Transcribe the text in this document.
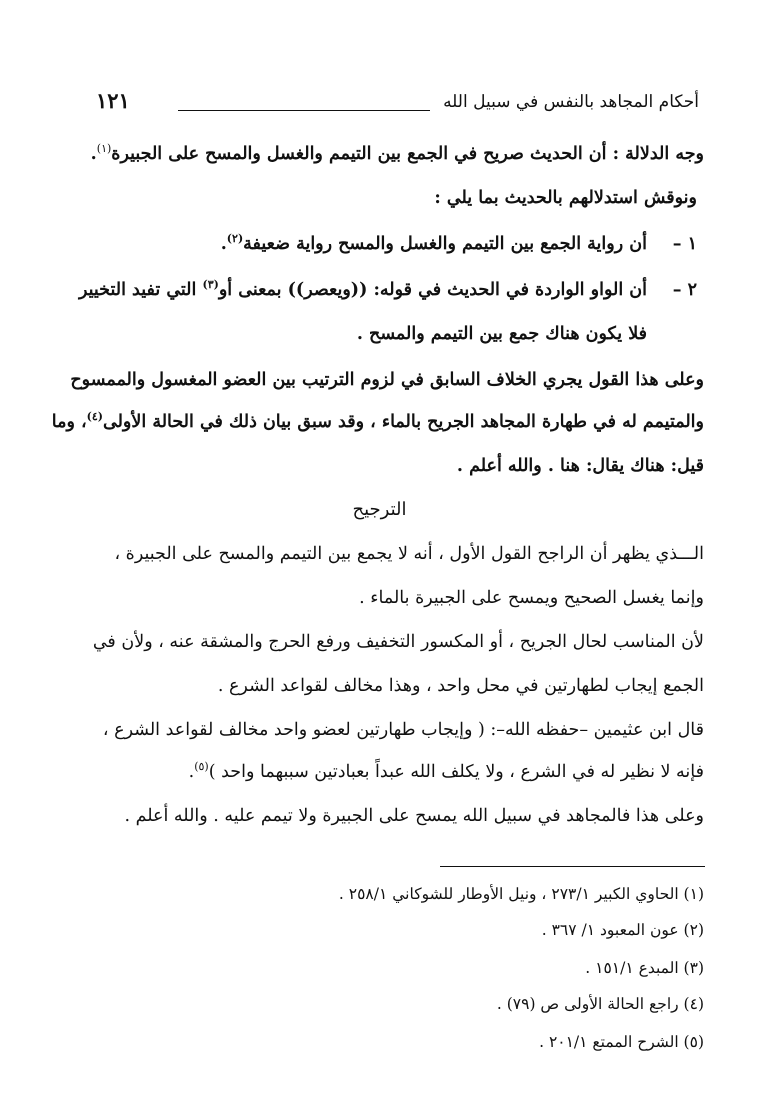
أحكام المجاهد بالنفس في سبيل الله
١٢١
وجه الدلالة : أن الحديث صريح في الجمع بين التيمم والغسل والمسح على الجبيرة$^{(١)}$.
ونوقش استدلالهم بالحديث بما يلي :
١ –
أن رواية الجمع بين التيمم والغسل والمسح رواية ضعيفة$^{(٢)}$.
٢ –
أن الواو الواردة في الحديث في قوله: ((ويعصر)) بمعنى أو$^{(٣)}$ التي تفيد التخيير
فلا يكون هناك جمع بين التيمم والمسح .
وعلى هذا القول يجري الخلاف السابق في لزوم الترتيب بين العضو المغسول والممسوح
والمتيمم له في طهارة المجاهد الجريح بالماء ، وقد سبق بيان ذلك في الحالة الأولى$^{(٤)}$، وما
قيل: هناك يقال: هنا . والله أعلم .
الترجيح
الـــذي يظهر أن الراجح القول الأول ، أنه لا يجمع بين التيمم والمسح على الجبيرة ،
وإنما يغسل الصحيح ويمسح على الجبيرة بالماء .
لأن المناسب لحال الجريح ، أو المكسور التخفيف ورفع الحرج والمشقة عنه ، ولأن في
الجمع إيجاب لطهارتين في محل واحد ، وهذا مخالف لقواعد الشرع .
قال ابن عثيمين –حفظه الله–: ( وإيجاب طهارتين لعضو واحد مخالف لقواعد الشرع ،
فإنه لا نظير له في الشرع ، ولا يكلف الله عبداً بعبادتين سببهما واحد )$^{(٥)}$.
وعلى هذا فالمجاهد في سبيل الله يمسح على الجبيرة ولا تيمم عليه . والله أعلم .
(١) الحاوي الكبير ٢٧٣/١ ، ونيل الأوطار للشوكاني ٢٥٨/١ .
(٢) عون المعبود ١/ ٣٦٧ .
(٣) المبدع ١٥١/١ .
(٤) راجع الحالة الأولى ص (٧٩) .
(٥) الشرح الممتع ٢٠١/١ .
